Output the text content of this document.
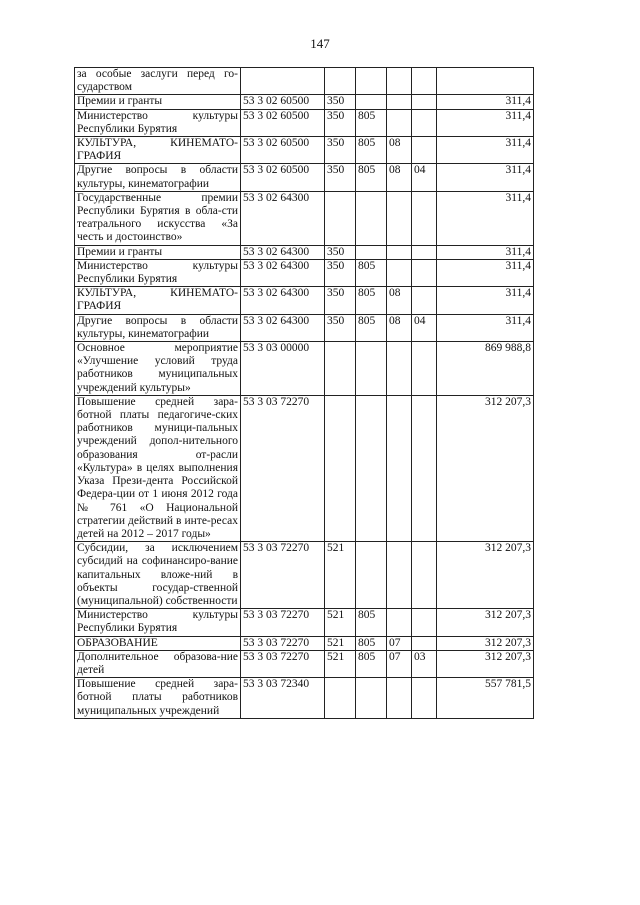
147
за особые заслуги перед го-сударством						
Премии и гранты	53 3 02 60500	350				311,4
Министерство культуры Республики Бурятия	53 3 02 60500	350	805			311,4
КУЛЬТУРА, КИНЕМАТО-ГРАФИЯ	53 3 02 60500	350	805	08		311,4
Другие вопросы в области культуры, кинематографии	53 3 02 60500	350	805	08	04	311,4
Государственные премии Республики Бурятия в обла-сти театрального искусства «За честь и достоинство»	53 3 02 64300					311,4
Премии и гранты	53 3 02 64300	350				311,4
Министерство культуры Республики Бурятия	53 3 02 64300	350	805			311,4
КУЛЬТУРА, КИНЕМАТО-ГРАФИЯ	53 3 02 64300	350	805	08		311,4
Другие вопросы в области культуры, кинематографии	53 3 02 64300	350	805	08	04	311,4
Основное мероприятие «Улучшение условий труда работников муниципальных учреждений культуры»	53 3 03 00000					869 988,8
Повышение средней зара-ботной платы педагогиче-ских работников муници-пальных учреждений допол-нительного образования от-расли «Культура» в целях выполнения Указа Прези-дента Российской Федера-ции от 1 июня 2012 года № 761 «О Национальной стратегии действий в инте-ресах детей на 2012 – 2017 годы»	53 3 03 72270					312 207,3
Субсидии, за исключением субсидий на софинансиро-вание капитальных вложе-ний в объекты государ-ственной (муниципальной) собственности	53 3 03 72270	521				312 207,3
Министерство культуры Республики Бурятия	53 3 03 72270	521	805			312 207,3
ОБРАЗОВАНИЕ	53 3 03 72270	521	805	07		312 207,3
Дополнительное образова-ние детей	53 3 03 72270	521	805	07	03	312 207,3
Повышение средней зара-ботной платы работников муниципальных учреждений	53 3 03 72340					557 781,5
